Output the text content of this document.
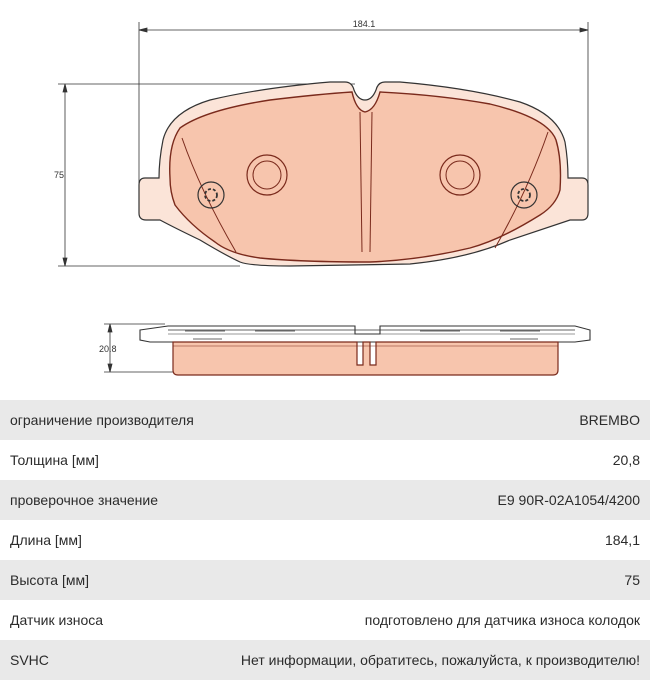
184.1
75
20.8
ограничение производителя	BREMBO
Толщина [мм]	20,8
проверочное значение	E9 90R-02A1054/4200
Длина [мм]	184,1
Высота [мм]	75
Датчик износа	подготовлено для датчика износа колодок
SVHC	Нет информации, обратитесь, пожалуйста, к производителю!
